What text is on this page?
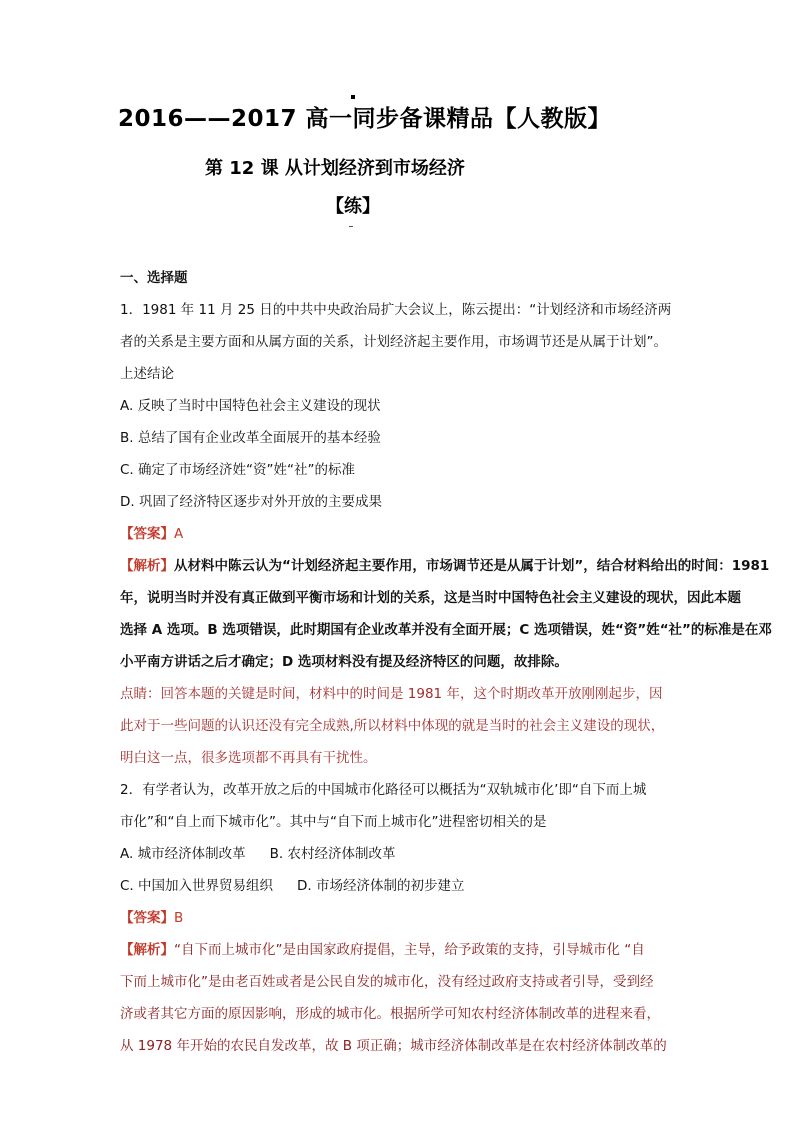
2016——2017 高一同步备课精品【人教版】
第 12 课 从计划经济到市场经济
【练】
一、选择题
1．1981 年 11 月 25 日的中共中央政治局扩大会议上，陈云提出：“计划经济和市场经济两
者的关系是主要方面和从属方面的关系，计划经济起主要作用，市场调节还是从属于计划”。
上述结论
A. 反映了当时中国特色社会主义建设的现状
B. 总结了国有企业改革全面展开的基本经验
C. 确定了市场经济姓“资”姓“社”的标准
D. 巩固了经济特区逐步对外开放的主要成果
【答案】A
【解析】从材料中陈云认为“计划经济起主要作用，市场调节还是从属于计划”，结合材料给出的时间：1981
年，说明当时并没有真正做到平衡市场和计划的关系，这是当时中国特色社会主义建设的现状，因此本题
选择 A 选项。B 选项错误，此时期国有企业改革并没有全面开展；C 选项错误，姓“资”姓“社”的标准是在邓
小平南方讲话之后才确定；D 选项材料没有提及经济特区的问题，故排除。
点睛：回答本题的关键是时间，材料中的时间是 1981 年，这个时期改革开放刚刚起步，因
此对于一些问题的认识还没有完全成熟,所以材料中体现的就是当时的社会主义建设的现状，
明白这一点，很多选项都不再具有干扰性。
2．有学者认为，改革开放之后的中国城市化路径可以概括为“双轨城市化’即“自下而上城
市化”和“自上而下城市化”。其中与“自下而上城市化”进程密切相关的是
A. 城市经济体制改革 B. 农村经济体制改革
C. 中国加入世界贸易组织 D. 市场经济体制的初步建立
【答案】B
【解析】“自下而上城市化”是由国家政府提倡，主导，给予政策的支持，引导城市化 “自
下而上城市化”是由老百姓或者是公民自发的城市化，没有经过政府支持或者引导，受到经
济或者其它方面的原因影响，形成的城市化。根据所学可知农村经济体制改革的进程来看，
从 1978 年开始的农民自发改革，故 B 项正确；城市经济体制改革是在农村经济体制改革的
